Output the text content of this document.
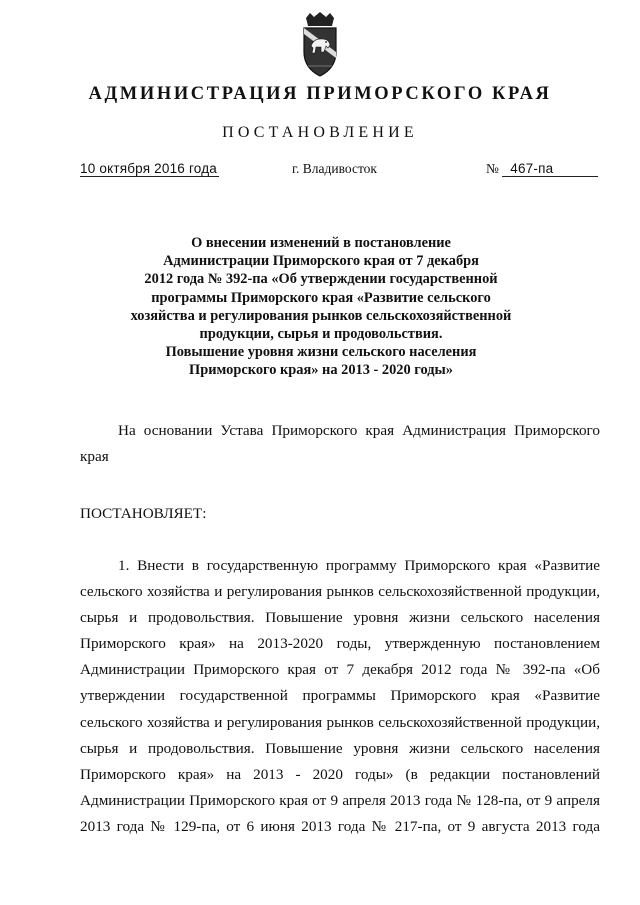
АДМИНИСТРАЦИЯ ПРИМОРСКОГО КРАЯ
ПОСТАНОВЛЕНИЕ
10 октября 2016 года	г. Владивосток	№ 467-па
О внесении изменений в постановление
Администрации Приморского края от 7 декабря
2012 года № 392-па «Об утверждении государственной
программы Приморского края «Развитие сельского
хозяйства и регулирования рынков сельскохозяйственной
продукции, сырья и продовольствия.
Повышение уровня жизни сельского населения
Приморского края» на 2013 - 2020 годы»
На основании Устава Приморского края Администрация Приморского
края
ПОСТАНОВЛЯЕТ:
1. Внести в государственную программу Приморского края «Развитие
сельского хозяйства и регулирования рынков сельскохозяйственной продукции,
сырья и продовольствия. Повышение уровня жизни сельского населения
Приморского края» на 2013-2020 годы, утвержденную постановлением
Администрации Приморского края от 7 декабря 2012 года № 392-па «Об
утверждении государственной программы Приморского края «Развитие
сельского хозяйства и регулирования рынков сельскохозяйственной продукции,
сырья и продовольствия. Повышение уровня жизни сельского населения
Приморского края» на 2013 - 2020 годы» (в редакции постановлений
Администрации Приморского края от 9 апреля 2013 года № 128-па, от 9 апреля
2013 года № 129-па, от 6 июня 2013 года № 217-па, от 9 августа 2013 года
